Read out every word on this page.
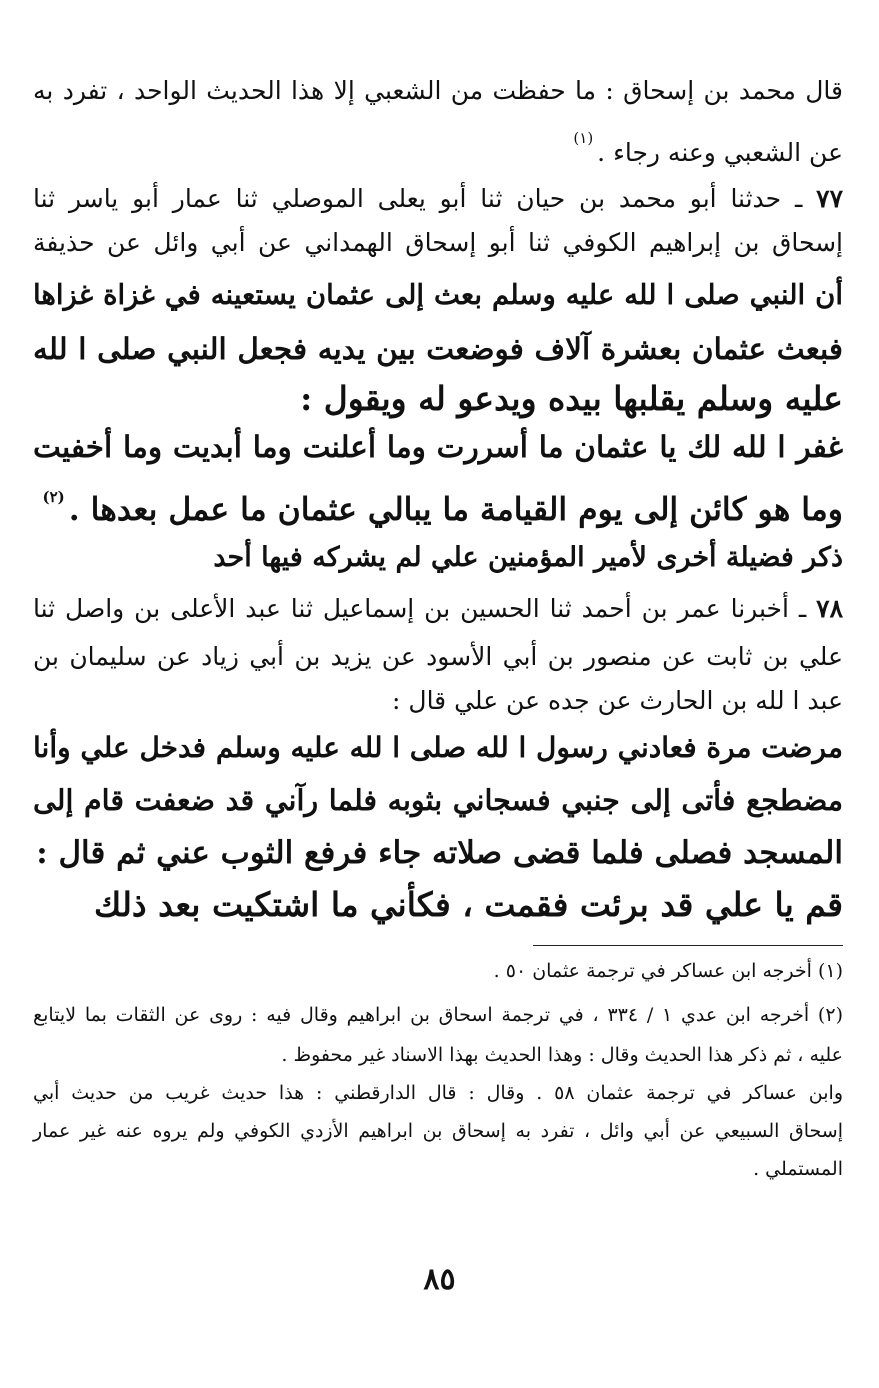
قال محمد بن إسحاق : ما حفظت من الشعبي إلا هذا الحديث الواحد ، تفرد به
عن الشعبي وعنه رجاء .$^{(١)}$
٧٧ ـ حدثنا أبو محمد بن حيان ثنا أبو يعلى الموصلي ثنا عمار أبو ياسر ثنا
إسحاق بن إبراهيم الكوفي ثنا أبو إسحاق الهمداني عن أبي وائل عن حذيفة
أن النبي صلى ا لله عليه وسلم بعث إلى عثمان يستعينه في غزاة غزاها
فبعث عثمان بعشرة آلاف فوضعت بين يديه فجعل النبي صلى ا لله
عليه وسلم يقلبها بيده ويدعو له ويقول :
غفر ا لله لك يا عثمان ما أسررت وما أعلنت وما أبديت وما أخفيت
وما هو كائن إلى يوم القيامة ما يبالي عثمان ما عمل بعدها .$^{(٢)}$
ذكر فضيلة أخرى لأمير المؤمنين علي لم يشركه فيها أحد
٧٨ ـ أخبرنا عمر بن أحمد ثنا الحسين بن إسماعيل ثنا عبد الأعلى بن واصل ثنا
علي بن ثابت عن منصور بن أبي الأسود عن يزيد بن أبي زياد عن سليمان بن
عبد ا لله بن الحارث عن جده عن علي قال :
مرضت مرة فعادني رسول ا لله صلى ا لله عليه وسلم فدخل علي وأنا
مضطجع فأتى إلى جنبي فسجاني بثوبه فلما رآني قد ضعفت قام إلى
المسجد فصلى فلما قضى صلاته جاء فرفع الثوب عني ثم قال :
قم يا علي قد برئت فقمت ، فكأني ما اشتكيت بعد ذلك
(١) أخرجه ابن عساكر في ترجمة عثمان ٥٠ .
(٢) أخرجه ابن عدي ١ / ٣٣٤ ، في ترجمة اسحاق بن ابراهيم وقال فيه : روى عن الثقات بما لايتابع
عليه ، ثم ذكر هذا الحديث وقال : وهذا الحديث بهذا الاسناد غير محفوظ .
وابن عساكر في ترجمة عثمان ٥٨ . وقال : قال الدارقطني : هذا حديث غريب من حديث أبي
إسحاق السبيعي عن أبي وائل ، تفرد به إسحاق بن ابراهيم الأزدي الكوفي ولم يروه عنه غير عمار
المستملي .
٨٥
